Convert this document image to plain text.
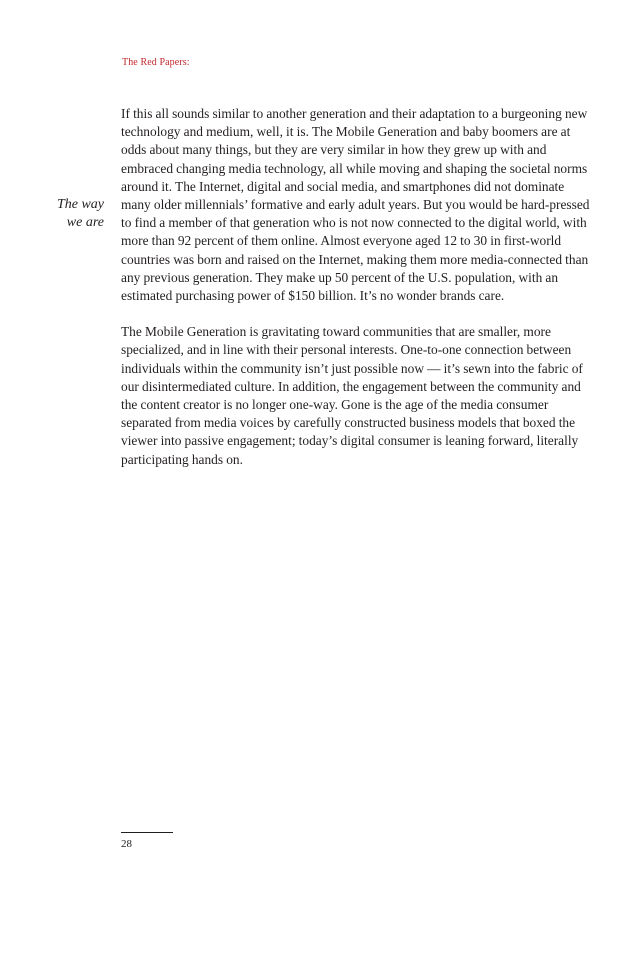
The Red Papers:
The way
we are

If this all sounds similar to another generation and their adaptation to a burgeoning new technology and medium, well, it is. The Mobile Generation and baby boomers are at odds about many things, but they are very similar in how they grew up with and embraced changing media technology, all while moving and shaping the societal norms around it. The Internet, digital and social media, and smartphones did not dominate many older millennials’ formative and early adult years. But you would be hard-pressed to find a member of that generation who is not now connected to the digital world, with more than 92 percent of them online. Almost everyone aged 12 to 30 in first-world countries was born and raised on the Internet, making them more media-connected than any previous generation. They make up 50 percent of the U.S. population, with an estimated purchasing power of $150 billion. It’s no wonder brands care.

The Mobile Generation is gravitating toward communities that are smaller, more specialized, and in line with their personal interests. One-to-one connection between individuals within the community isn’t just possible now — it’s sewn into the fabric of our disintermediated culture. In addition, the engagement between the community and the content creator is no longer one-way. Gone is the age of the media consumer separated from media voices by carefully constructed business models that boxed the viewer into passive engagement; today’s digital consumer is leaning forward, literally participating hands on.

28
